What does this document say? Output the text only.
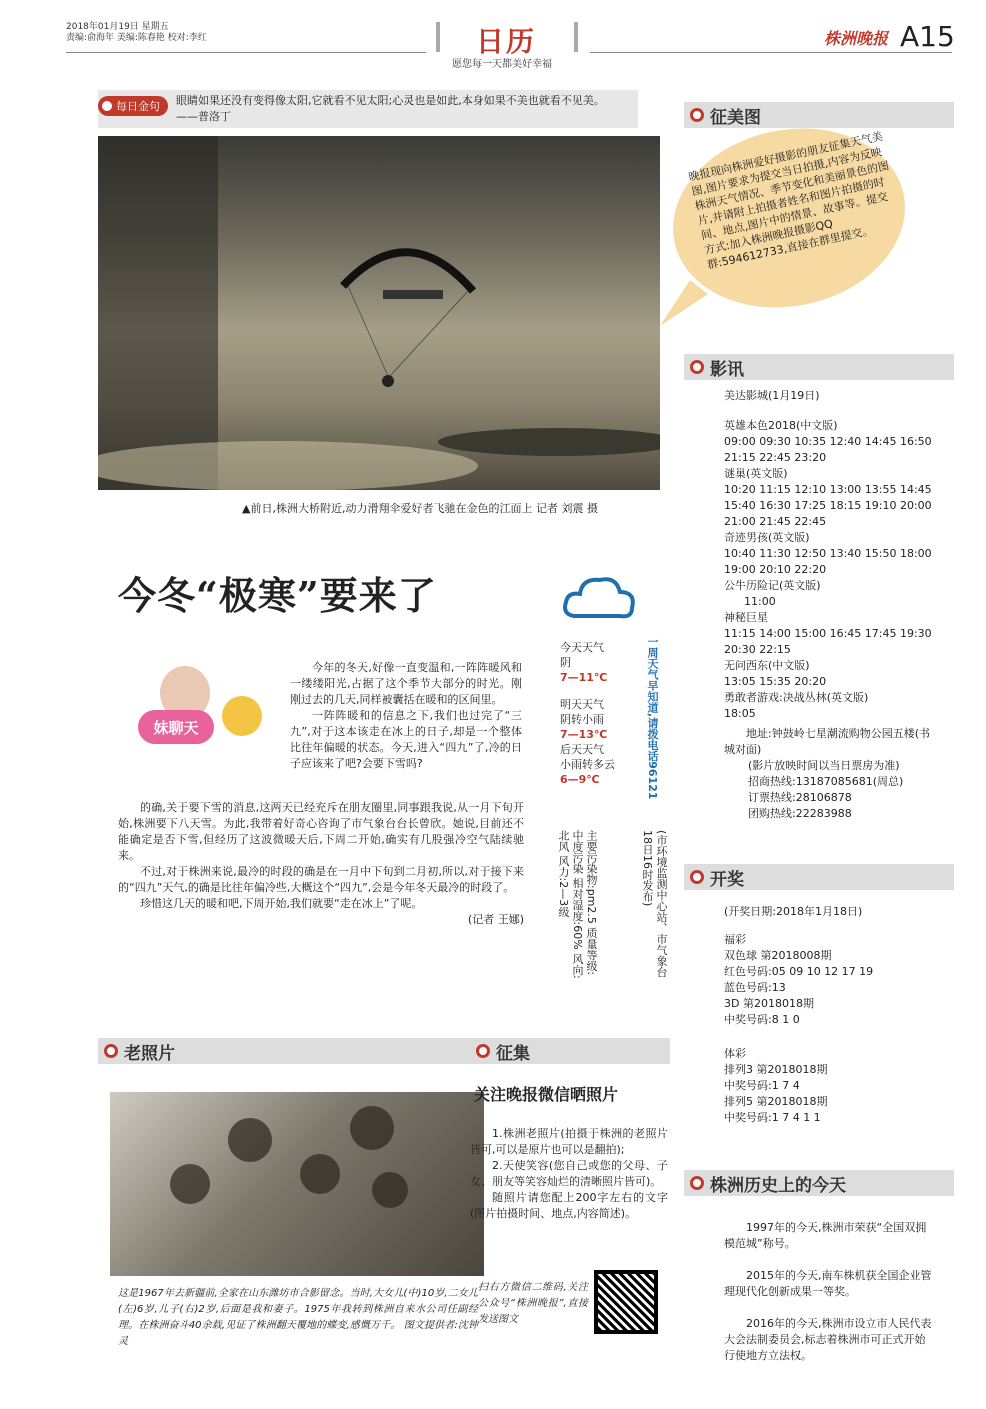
2018年01月19日 星期五
责编:俞海年 美编:陈春艳 校对:李红	日历
愿您每一天都美好幸福
株洲晚报 A15
每日金句 眼睛如果还没有变得像太阳,它就看不见太阳;心灵也是如此,本身如果不美也就看不见美。 ——普洛丁
▲前日,株洲大桥附近,动力滑翔伞爱好者飞驰在金色的江面上 记者 刘震 摄
今冬“极寒”要来了
妹聊天

今年的冬天,好像一直变温和,一阵阵暖风和一缕缕阳光,占据了这个季节大部分的时光。刚刚过去的几天,同样被囊括在暖和的区间里。

一阵阵暖和的信息之下,我们也过完了“三九”,对于这本该走在冰上的日子,却是一个整体比往年偏暖的状态。今天,进入“四九”了,冷的日子应该来了吧?会要下雪吗?

的确,关于要下雪的消息,这两天已经充斥在朋友圈里,同事跟我说,从一月下旬开始,株洲要下八天雪。为此,我带着好奇心咨询了市气象台台长曾欣。她说,目前还不能确定是否下雪,但经历了这波微暖天后,下周二开始,确实有几股强冷空气陆续驰来。

不过,对于株洲来说,最冷的时段的确是在一月中下旬到二月初,所以,对于接下来的“四九”天气,的确是比往年偏冷些,大概这个“四九”,会是今年冬天最冷的时段了。

珍惜这几天的暖和吧,下周开始,我们就要“走在冰上”了呢。

(记者 王娜)

今天天气
阴
7—11℃
明天天气
阴转小雨
7—13℃
后天天气
小雨转多云
6—9℃
主要污染物:pm2.5 质量等级:中度污染 相对湿度:60% 风向:北风 风力:2—3级	(市环境监测中心站、市气象台18日16时发布)
一周天气早知道,请拨电话96121
老照片
这是1967年去新疆前,全家在山东潍坊市合影留念。当时,大女儿(中)10岁,二女儿(左)6岁,儿子(右)2岁,后面是我和妻子。1975年我转到株洲自来水公司任副经理。在株洲奋斗40余载,见证了株洲翻天覆地的蝶变,感慨万千。 图文提供者:沈钟灵
征集
关注晚报微信晒照片

1.株洲老照片(拍摄于株洲的老照片皆可,可以是原片也可以是翻拍);

2.天使笑容(您自己或您的父母、子女、朋友等笑容灿烂的清晰照片皆可)。

随照片请您配上200字左右的文字(图片拍摄时间、地点,内容简述)。

扫右方微信二维码,关注公众号“株洲晚报”,直接发送图文
征美图
晚报现向株洲爱好摄影的朋友征集天气美图,图片要求为提交当日拍摄,内容为反映株洲天气情况、季节变化和美丽景色的图片,并请附上拍摄者姓名和图片拍摄的时间、地点,图片中的情景、故事等。提交方式:加入株洲晚报摄影QQ群:594612733,直接在群里提交。
影讯
美达影城(1月19日)
英雄本色2018(中文版)
09:00 09:30 10:35 12:40 14:45 16:50 21:15 22:45 23:20
谜巢(英文版)
10:20 11:15 12:10 13:00 13:55 14:45 15:40 16:30 17:25 18:15 19:10 20:00 21:00 21:45 22:45
奇迹男孩(英文版)
10:40 11:30 12:50 13:40 15:50 18:00 19:00 20:10 22:20
公牛历险记(英文版)
11:00
神秘巨星
11:15 14:00 15:00 16:45 17:45 19:30 20:30 22:15
无问西东(中文版)
13:05 15:35 20:20
勇敢者游戏:决战丛林(英文版)
18:05
地址:钟鼓岭七星潮流购物公园五楼(书城对面)
(影片放映时间以当日票房为准)
招商热线:13187085681(周总)
订票热线:28106878
团购热线:22283988
开奖
(开奖日期:2018年1月18日)
福彩
双色球 第2018008期
红色号码:05 09 10 12 17 19
蓝色号码:13
3D 第2018018期
中奖号码:8 1 0
体彩
排列3 第2018018期
中奖号码:1 7 4
排列5 第2018018期
中奖号码:1 7 4 1 1
株洲历史上的今天

1997年的今天,株洲市荣获“全国双拥模范城”称号。

2015年的今天,南车株机获全国企业管理现代化创新成果一等奖。

2016年的今天,株洲市设立市人民代表大会法制委员会,标志着株洲市可正式开始行使地方立法权。
